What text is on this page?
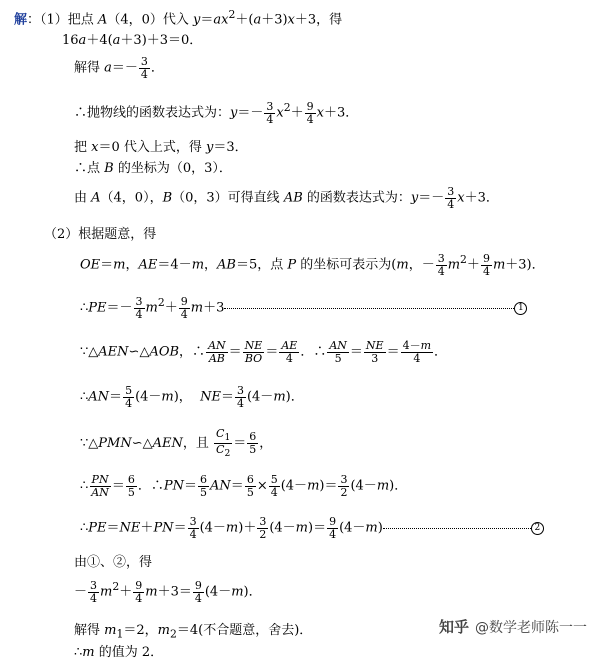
解：（1）把点 A（4，0）代入 $y=ax^2+(a+3)x+3$，得
16a＋4(a＋3)＋3＝0．
解得 $a=- \frac{3}{4}$ ．
∴抛物线的函数表达式为：$y=- \frac{3}{4} x^2+ \frac{9}{4} x+3$．
把 x＝0 代入上式，得 y＝3．
∴点 B 的坐标为（0，3）．
由 A（4，0），B（0，3）可得直线 AB 的函数表达式为：$y=- \frac{3}{4} x+3$．
（2）根据题意，得
OE＝m，AE＝4－m，AB＝5，点 P 的坐标可表示为(m，－ $\frac{3}{4} m^2+ \frac{9}{4} m+3$)．
∴PE＝－ $\frac{3}{4} m^2+ \frac{9}{4} m+3$	1
∵△AEN∽△AOB，∴ $\frac{AN}{AB} = \frac{NE}{BO} = \frac{AE}{4}$ ．∴ $\frac{AN}{5} = \frac{NE}{3} = \frac{4-m}{4}$ ．
∴AN＝ $\frac{5}{4} (4-m)$，  $NE= \frac{3}{4} (4-m)$．
∵△PMN∽△AEN，且 $\frac{C_1}{C_2} = \frac{6}{5}$ ，
∴ $\frac{PN}{AN} = \frac{6}{5}$ ．∴PN＝ $\frac{6}{5} AN= \frac{6}{5} \times \frac{5}{4} (4-m)= \frac{3}{2} (4-m)$．
∴PE＝NE＋PN＝ $\frac{3}{4} (4-m)+ \frac{3}{2} (4-m)= \frac{9}{4} (4-m)$	2
由①、②，得
－ $\frac{3}{4} m^2+ \frac{9}{4} m+3= \frac{9}{4} (4-m)$．
解得 $m_1=2$，$m_2=4$(不合题意，舍去)．
∴m 的值为 2．
知乎 @数学老师陈一一
